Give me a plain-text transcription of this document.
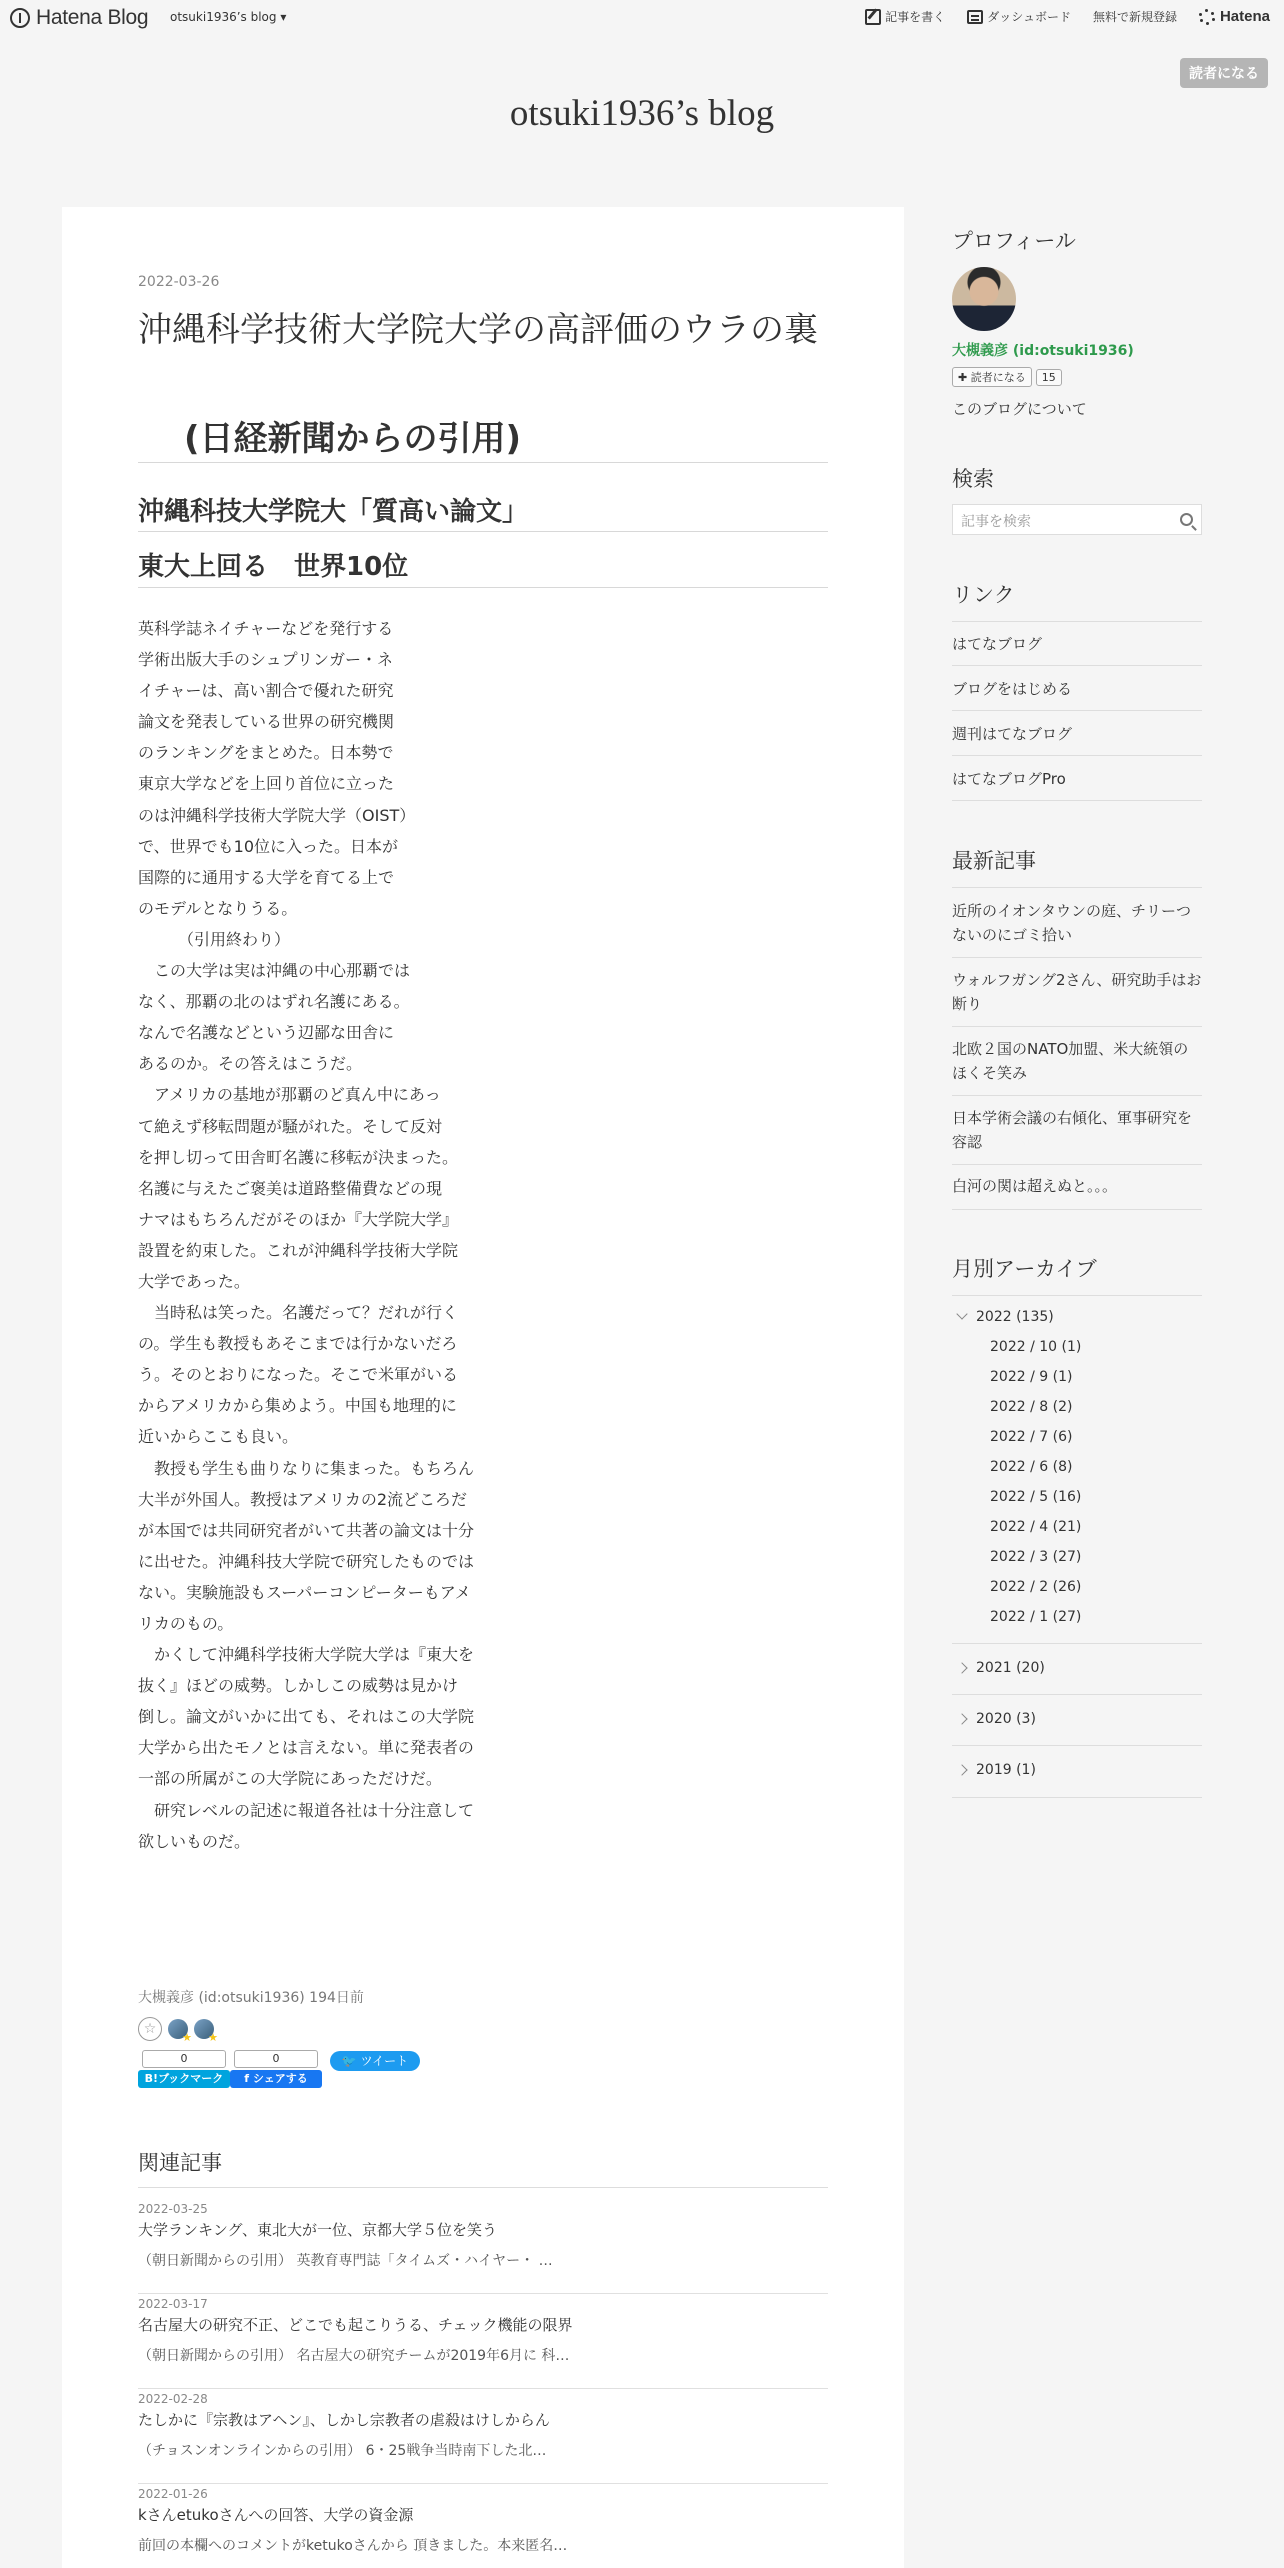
Hatena Blog otsuki1936’s blog ▾	記事を書く	ダッシュボード 無料で新規登録	Hatena
読者になる
otsuki1936’s blog
2022-03-26
沖縄科学技術大学院大学の高評価のウラの裏
(日経新聞からの引用)
沖縄科技大学院大「質高い論文」
東大上回る　世界10位
英科学誌ネイチャーなどを発行する
学術出版大手のシュプリンガー・ネ
イチャーは、高い割合で優れた研究
論文を発表している世界の研究機関
のランキングをまとめた。日本勢で
東京大学などを上回り首位に立った
のは沖縄科学技術大学院大学（OIST）
で、世界でも10位に入った。日本が
国際的に通用する大学を育てる上で
のモデルとなりうる。
　　　（引用終わり）
　この大学は実は沖縄の中心那覇では
なく、那覇の北のはずれ名護にある。
なんで名護などという辺鄙な田舎に
あるのか。その答えはこうだ。
　アメリカの基地が那覇のど真ん中にあっ
て絶えず移転問題が騒がれた。そして反対
を押し切って田舎町名護に移転が決まった。
名護に与えたご褒美は道路整備費などの現
ナマはもちろんだがそのほか『大学院大学』
設置を約束した。これが沖縄科学技術大学院
大学であった。
　当時私は笑った。名護だって？だれが行く
の。学生も教授もあそこまでは行かないだろ
う。そのとおりになった。そこで米軍がいる
からアメリカから集めよう。中国も地理的に
近いからここも良い。
　教授も学生も曲りなりに集まった。もちろん
大半が外国人。教授はアメリカの2流どころだ
が本国では共同研究者がいて共著の論文は十分
に出せた。沖縄科技大学院で研究したものでは
ない。実験施設もスーパーコンピーターもアメ
リカのもの。
　かくして沖縄科学技術大学院大学は『東大を
抜く』ほどの威勢。しかしこの威勢は見かけ
倒し。論文がいかに出ても、それはこの大学院
大学から出たモノとは言えない。単に発表者の
一部の所属がこの大学院にあっただけだ。
　研究レベルの記述に報道各社は十分注意して
欲しいものだ。
大槻義彦 (id:otsuki1936) 194日前
☆
★
★
0
B!ブックマーク
0
f シェアする
🐦 ツイート
関連記事
2022-03-25
大学ランキング、東北大が一位、京都大学５位を笑う
（朝日新聞からの引用） 英教育専門誌「タイムズ・ハイヤー・ …
2022-03-17
名古屋大の研究不正、どこでも起こりうる、チェック機能の限界
（朝日新聞からの引用） 名古屋大の研究チームが2019年6月に 科…
2022-02-28
たしかに『宗教はアヘン』、しかし宗教者の虐殺はけしからん
（チョスンオンラインからの引用） 6・25戦争当時南下した北…
2022-01-26
kさんetukoさんへの回答、大学の資金源
前回の本欄へのコメントがketukoさんから 頂きました。本来匿名…
プロフィール
大槻義彦 (id:otsuki1936)
✚ 読者になる	15
このブログについて
検索
記事を検索
リンク
はてなブログ
ブログをはじめる
週刊はてなブログ
はてなブログPro
最新記事
近所のイオンタウンの庭、チリーつないのにゴミ拾い
ウォルフガング2さん、研究助手はお断り
北欧２国のNATO加盟、米大統領のほくそ笑み
日本学術会議の右傾化、軍事研究を容認
白河の関は超えぬと。。。
月別アーカイブ
2022 (135)
2022 / 10 (1)
2022 / 9 (1)
2022 / 8 (2)
2022 / 7 (6)
2022 / 6 (8)
2022 / 5 (16)
2022 / 4 (21)
2022 / 3 (27)
2022 / 2 (26)
2022 / 1 (27)
2021 (20)
2020 (3)
2019 (1)
